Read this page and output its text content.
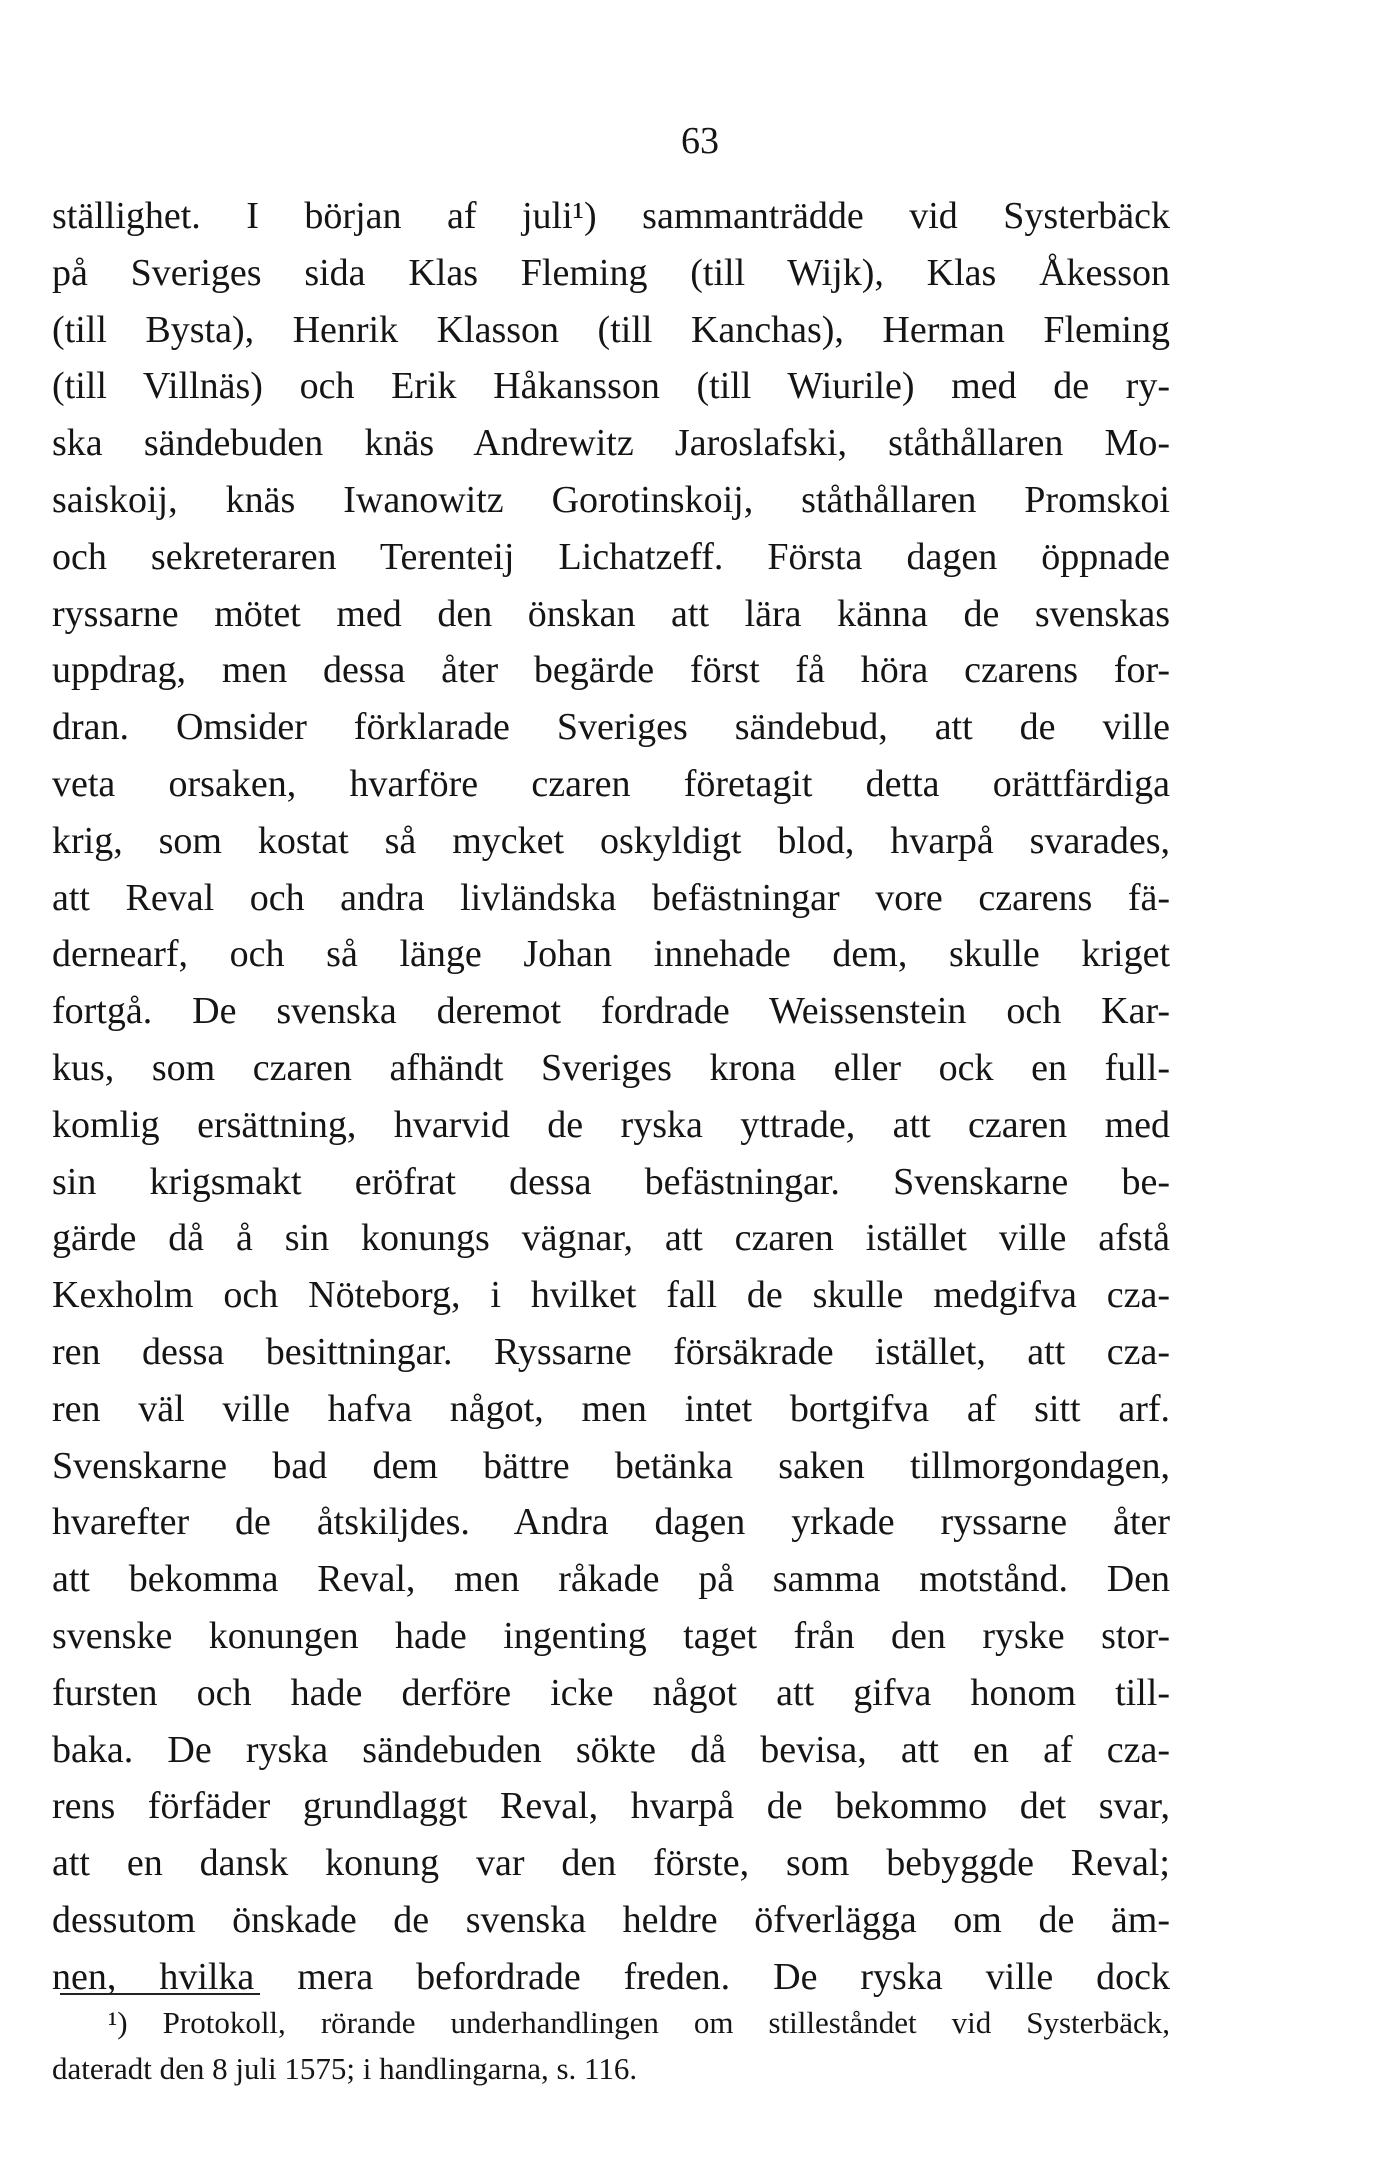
63
ställighet. I början af juli¹) sammanträdde vid Systerbäck
på Sveriges sida Klas Fleming (till Wijk), Klas Åkesson
(till Bysta), Henrik Klasson (till Kanchas), Herman Fleming
(till Villnäs) och Erik Håkansson (till Wiurile) med de ry-
ska sändebuden knäs Andrewitz Jaroslafski, ståthållaren Mo-
saiskoij, knäs Iwanowitz Gorotinskoij, ståthållaren Promskoi
och sekreteraren Terenteij Lichatzeff. Första dagen öppnade
ryssarne mötet med den önskan att lära känna de svenskas
uppdrag, men dessa åter begärde först få höra czarens for-
dran. Omsider förklarade Sveriges sändebud, att de ville
veta orsaken, hvarföre czaren företagit detta orättfärdiga
krig, som kostat så mycket oskyldigt blod, hvarpå svarades,
att Reval och andra livländska befästningar vore czarens fä-
dernearf, och så länge Johan innehade dem, skulle kriget
fortgå. De svenska deremot fordrade Weissenstein och Kar-
kus, som czaren afhändt Sveriges krona eller ock en full-
komlig ersättning, hvarvid de ryska yttrade, att czaren med
sin krigsmakt eröfrat dessa befästningar. Svenskarne be-
gärde då å sin konungs vägnar, att czaren istället ville afstå
Kexholm och Nöteborg, i hvilket fall de skulle medgifva cza-
ren dessa besittningar. Ryssarne försäkrade istället, att cza-
ren väl ville hafva något, men intet bortgifva af sitt arf.
Svenskarne bad dem bättre betänka saken tillmorgondagen,
hvarefter de åtskiljdes. Andra dagen yrkade ryssarne åter
att bekomma Reval, men råkade på samma motstånd. Den
svenske konungen hade ingenting taget från den ryske stor-
fursten och hade derföre icke något att gifva honom till-
baka. De ryska sändebuden sökte då bevisa, att en af cza-
rens förfäder grundlaggt Reval, hvarpå de bekommo det svar,
att en dansk konung var den förste, som bebyggde Reval;
dessutom önskade de svenska heldre öfverlägga om de äm-
nen, hvilka mera befordrade freden. De ryska ville dock
¹) Protokoll, rörande underhandlingen om stilleståndet vid Systerbäck,
dateradt den 8 juli 1575; i handlingarna, s. 116.
